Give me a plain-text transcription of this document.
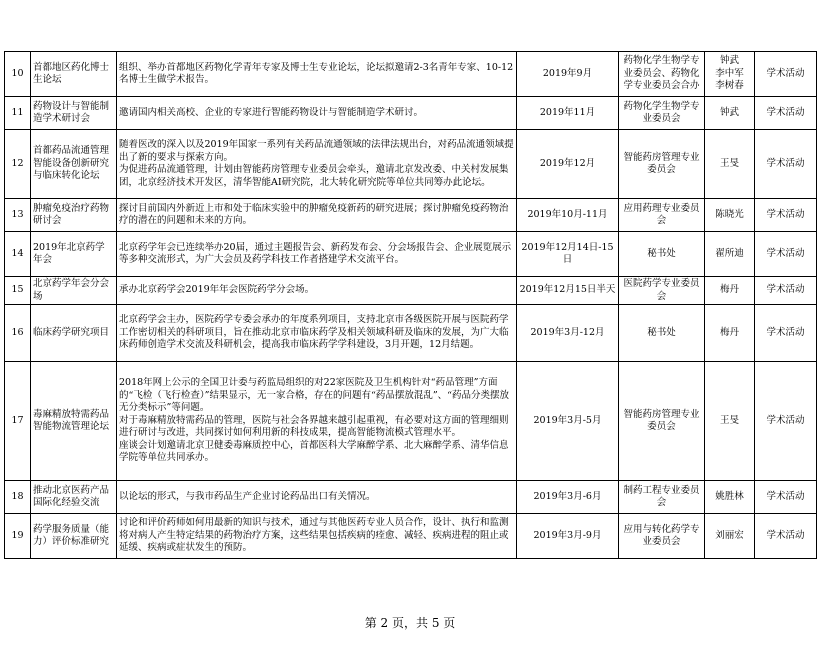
10	首都地区药化博士生论坛	组织、举办首都地区药物化学青年专家及博士生专业论坛，论坛拟邀请2-3名青年专家、10-12名博士生做学术报告。	2019年9月	药物化学生物学专业委员会、药物化学专业委员会合办	钟武
李中军
李树春	学术活动

11	药物设计与智能制造学术研讨会	邀请国内相关高校、企业的专家进行智能药物设计与智能制造学术研讨。	2019年11月	药物化学生物学专业委员会	钟武	学术活动

12	首都药品流通管理智能设备创新研究与临床转化论坛	随着医改的深入以及2019年国家一系列有关药品流通领域的法律法规出台，对药品流通领域提出了新的要求与探索方向。
为促进药品流通管理，计划由智能药房管理专业委员会牵头，邀请北京发改委、中关村发展集团，北京经济技术开发区，清华智能AI研究院，北大转化研究院等单位共同筹办此论坛。	2019年12月	智能药房管理专业委员会	王旻	学术活动

13	肿瘤免疫治疗药物研讨会	探讨目前国内外新近上市和处于临床实验中的肿瘤免疫新药的研究进展；探讨肿瘤免疫药物治疗的潜在的问题和未来的方向。	2019年10月-11月	应用药理专业委员会	陈晓光	学术活动

14	2019年北京药学年会	北京药学年会已连续举办20届，通过主题报告会、新药发布会、分会场报告会、企业展览展示等多种交流形式，为广大会员及药学科技工作者搭建学术交流平台。	2019年12月14日-15日	秘书处	翟所迪	学术活动

15	北京药学年会分会场	承办北京药学会2019年年会医院药学分会场。	2019年12月15日半天	医院药学专业委员会	梅丹	学术活动

16	临床药学研究项目	北京药学会主办，医院药学专委会承办的年度系列项目，支持北京市各级医院开展与医院药学工作密切相关的科研项目，旨在推动北京市临床药学及相关领域科研及临床的发展，为广大临床药师创造学术交流及科研机会，提高我市临床药学学科建设，3月开题，12月结题。	2019年3月-12月	秘书处	梅丹	学术活动

17	毒麻精放特需药品智能物流管理论坛	2018年网上公示的全国卫计委与药监局组织的对22家医院及卫生机构针对“药品管理”方面的“飞检（飞行检查）”结果显示，无一家合格，存在的问题有“药品摆放混乱”、“药品分类摆放无分类标示”等问题。
对于毒麻精放特需药品的管理，医院与社会各界越来越引起重视，有必要对这方面的管理细则进行研讨与改进，共同探讨如何利用新的科技成果，提高智能物流模式管理水平。
座谈会计划邀请北京卫健委毒麻质控中心，首都医科大学麻醉学系、北大麻醉学系、清华信息学院等单位共同承办。	2019年3月-5月	智能药房管理专业委员会	王旻	学术活动

18	推动北京医药产品国际化经验交流	以论坛的形式，与我市药品生产企业讨论药品出口有关情况。	2019年3月-6月	制药工程专业委员会	姚胜林	学术活动

19	药学服务质量（能力）评价标准研究	讨论和评价药师如何用最新的知识与技术，通过与其他医药专业人员合作，设计、执行和监测将对病人产生特定结果的药物治疗方案，这些结果包括疾病的痊愈、减轻、疾病进程的阻止或延缓、疾病或症状发生的预防。	2019年3月-9月	应用与转化药学专业委员会	刘丽宏	学术活动
第 2 页，共 5 页
